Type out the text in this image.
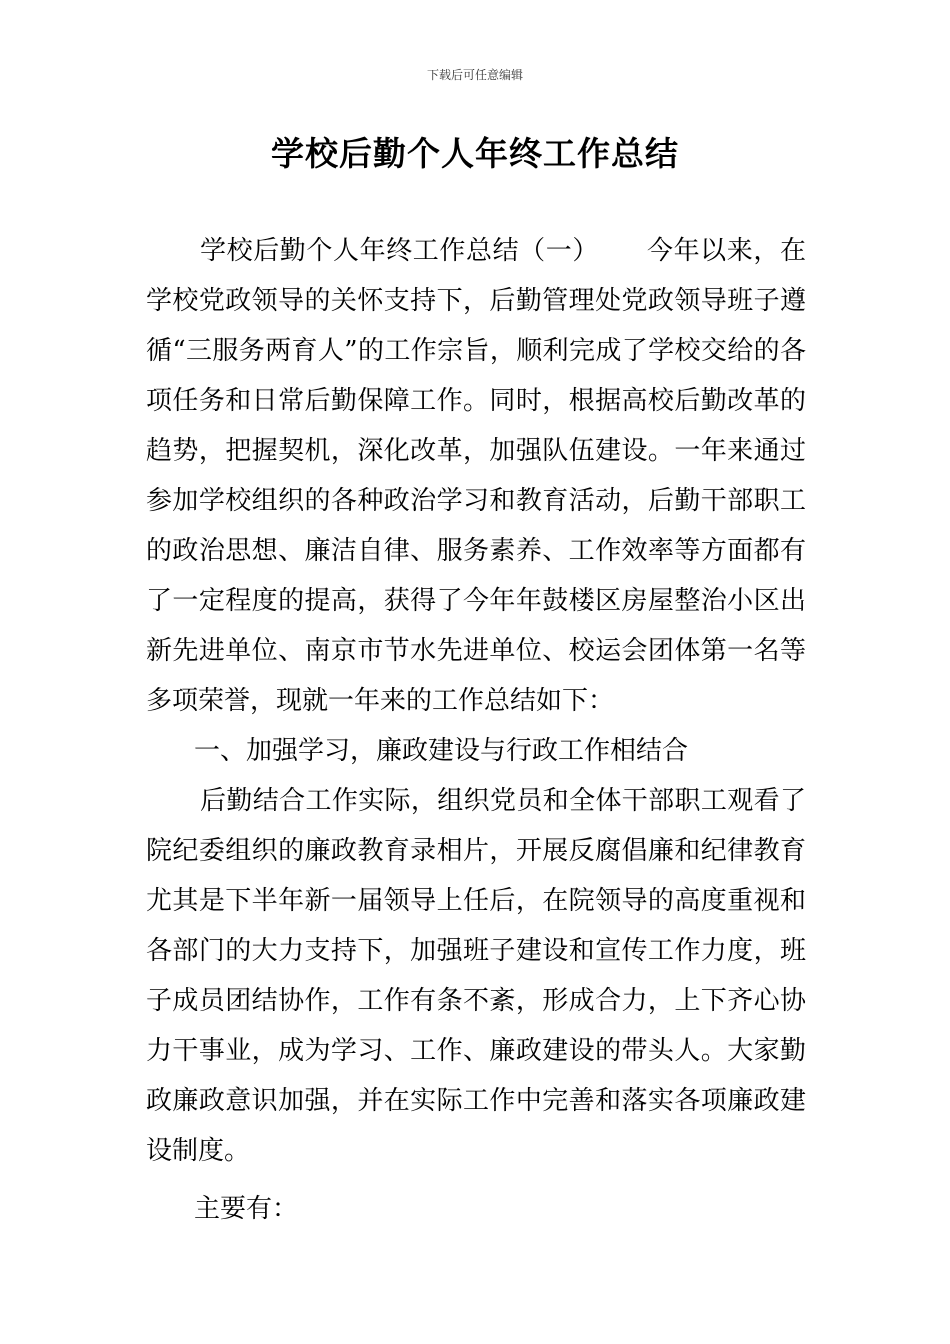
下载后可任意编辑
学校后勤个人年终工作总结

学校后勤个人年终工作总结（一） 今年以来，在学校党政领导的关怀支持下，后勤管理处党政领导班子遵循“三服务两育人”的工作宗旨，顺利完成了学校交给的各项任务和日常后勤保障工作。同时，根据高校后勤改革的趋势，把握契机，深化改革，加强队伍建设。一年来通过参加学校组织的各种政治学习和教育活动，后勤干部职工的政治思想、廉洁自律、服务素养、工作效率等方面都有了一定程度的提高，获得了今年年鼓楼区房屋整治小区出新先进单位、南京市节水先进单位、校运会团体第一名等多项荣誉，现就一年来的工作总结如下：

一、加强学习，廉政建设与行政工作相结合

后勤结合工作实际，组织党员和全体干部职工观看了院纪委组织的廉政教育录相片，开展反腐倡廉和纪律教育尤其是下半年新一届领导上任后，在院领导的高度重视和各部门的大力支持下，加强班子建设和宣传工作力度，班子成员团结协作，工作有条不紊，形成合力，上下齐心协力干事业，成为学习、工作、廉政建设的带头人。大家勤政廉政意识加强，并在实际工作中完善和落实各项廉政建设制度。

主要有：
